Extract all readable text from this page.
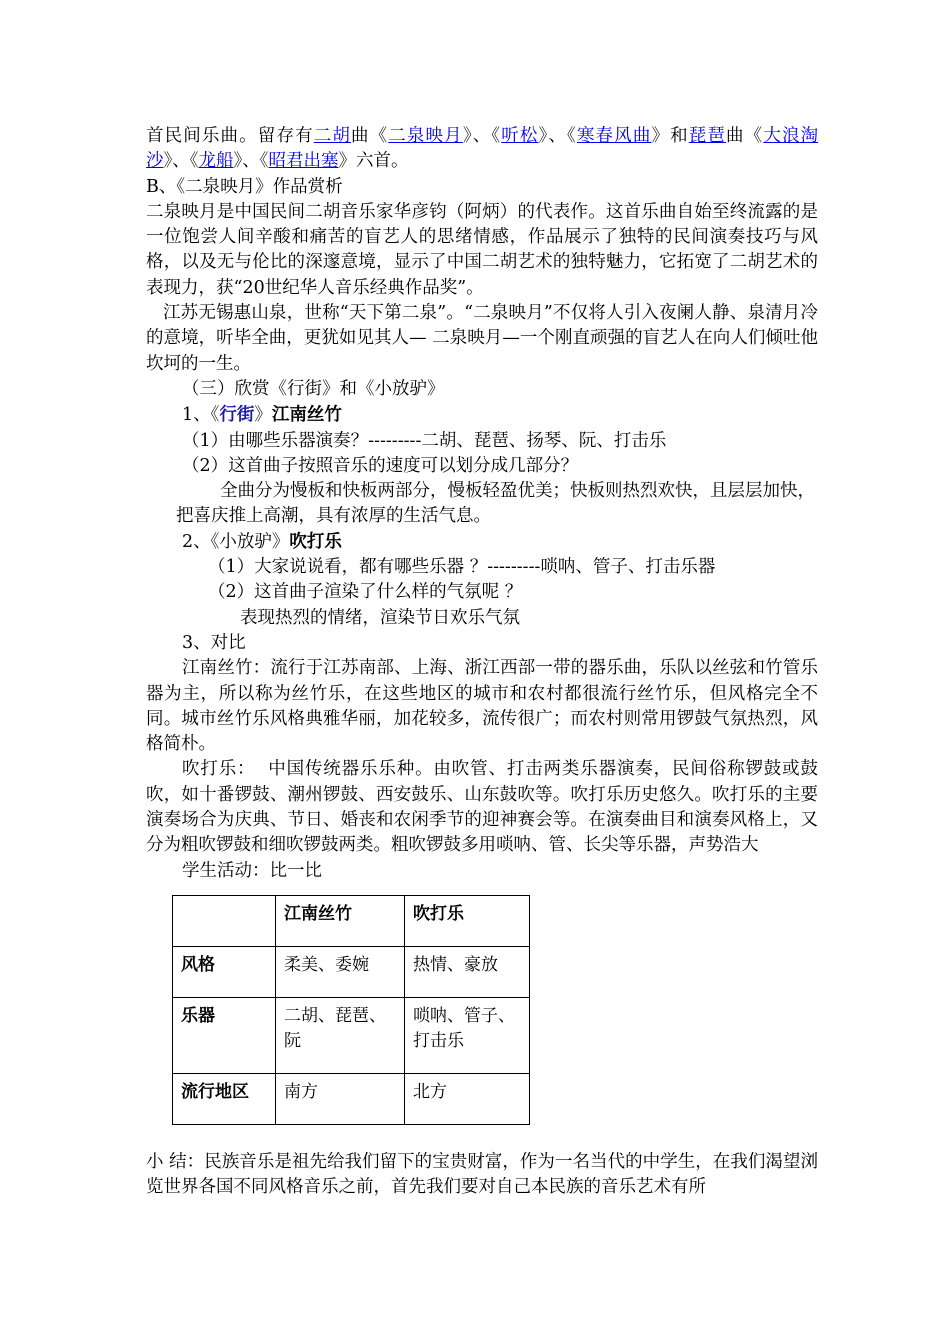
首民间乐曲。留存有二胡曲《二泉映月》、《听松》、《寒春风曲》和琵琶曲《大浪淘沙》、《龙船》、《昭君出塞》六首。

B、《二泉映月》作品赏析

二泉映月是中国民间二胡音乐家华彦钧（阿炳）的代表作。这首乐曲自始至终流露的是一位饱尝人间辛酸和痛苦的盲艺人的思绪情感，作品展示了独特的民间演奏技巧与风格，以及无与伦比的深邃意境，显示了中国二胡艺术的独特魅力，它拓宽了二胡艺术的表现力，获“20世纪华人音乐经典作品奖”。

江苏无锡惠山泉，世称“天下第二泉”。“二泉映月”不仅将人引入夜阑人静、泉清月冷的意境，听毕全曲，更犹如见其人— 二泉映月—一个刚直顽强的盲艺人在向人们倾吐他坎坷的一生。

（三）欣赏《行街》和《小放驴》

1、《行街》江南丝竹

（1）由哪些乐器演奏？---------二胡、琵琶、扬琴、阮、打击乐

（2）这首曲子按照音乐的速度可以划分成几部分？

全曲分为慢板和快板两部分，慢板轻盈优美；快板则热烈欢快，且层层加快，把喜庆推上高潮，具有浓厚的生活气息。

2、《小放驴》吹打乐

（1）大家说说看，都有哪些乐器 ？---------唢呐、管子、打击乐器

（2）这首曲子渲染了什么样的气氛呢 ？

表现热烈的情绪，渲染节日欢乐气氛

3、对比

江南丝竹：流行于江苏南部、上海、浙江西部一带的器乐曲，乐队以丝弦和竹管乐器为主，所以称为丝竹乐，在这些地区的城市和农村都很流行丝竹乐，但风格完全不同。城市丝竹乐风格典雅华丽，加花较多，流传很广；而农村则常用锣鼓气氛热烈，风格简朴。

吹打乐：  中国传统器乐乐种。由吹管、打击两类乐器演奏，民间俗称锣鼓或鼓吹，如十番锣鼓、潮州锣鼓、西安鼓乐、山东鼓吹等。吹打乐历史悠久。吹打乐的主要演奏场合为庆典、节日、婚丧和农闲季节的迎神赛会等。在演奏曲目和演奏风格上，又分为粗吹锣鼓和细吹锣鼓两类。粗吹锣鼓多用唢呐、管、长尖等乐器，声势浩大

学生活动：比一比

	江南丝竹	吹打乐
风格	柔美、委婉	热情、豪放
乐器	二胡、琵琶、阮	唢呐、管子、打击乐
流行地区	南方	北方

小 结：民族音乐是祖先给我们留下的宝贵财富，作为一名当代的中学生，在我们渴望浏览世界各国不同风格音乐之前，首先我们要对自己本民族的音乐艺术有所
